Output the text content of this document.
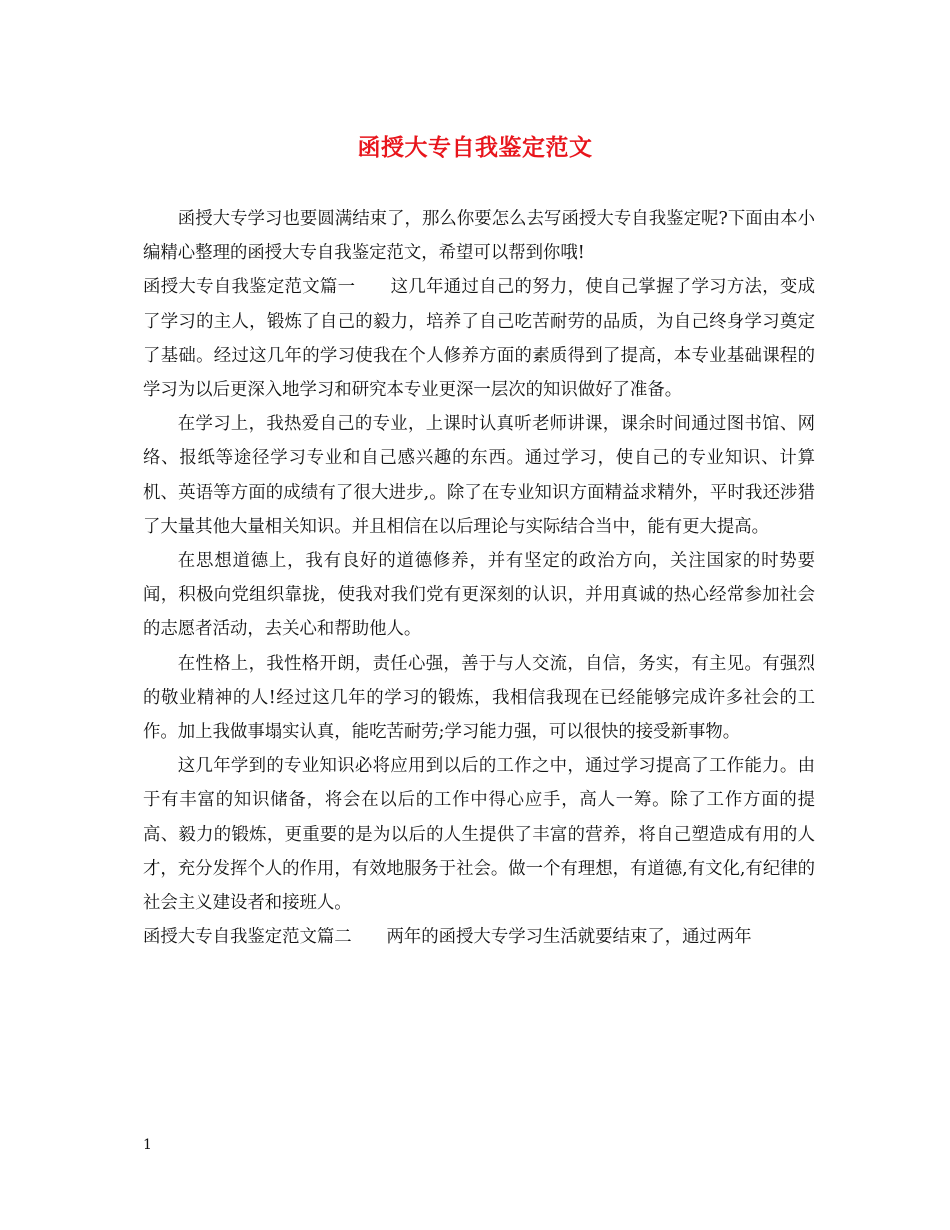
函授大专自我鉴定范文

函授大专学习也要圆满结束了，那么你要怎么去写函授大专自我鉴定呢?下面由本小编精心整理的函授大专自我鉴定范文，希望可以帮到你哦!

函授大专自我鉴定范文篇一　　这几年通过自己的努力，使自己掌握了学习方法，变成了学习的主人，锻炼了自己的毅力，培养了自己吃苦耐劳的品质，为自己终身学习奠定了基础。经过这几年的学习使我在个人修养方面的素质得到了提高，本专业基础课程的学习为以后更深入地学习和研究本专业更深一层次的知识做好了准备。

在学习上，我热爱自己的专业，上课时认真听老师讲课，课余时间通过图书馆、网络、报纸等途径学习专业和自己感兴趣的东西。通过学习，使自己的专业知识、计算机、英语等方面的成绩有了很大进步,。除了在专业知识方面精益求精外，平时我还涉猎了大量其他大量相关知识。并且相信在以后理论与实际结合当中，能有更大提高。

在思想道德上，我有良好的道德修养，并有坚定的政治方向，关注国家的时势要闻，积极向党组织靠拢，使我对我们党有更深刻的认识，并用真诚的热心经常参加社会的志愿者活动，去关心和帮助他人。

在性格上，我性格开朗，责任心强，善于与人交流，自信，务实，有主见。有强烈的敬业精神的人!经过这几年的学习的锻炼，我相信我现在已经能够完成许多社会的工作。加上我做事塌实认真，能吃苦耐劳;学习能力强，可以很快的接受新事物。

这几年学到的专业知识必将应用到以后的工作之中，通过学习提高了工作能力。由于有丰富的知识储备，将会在以后的工作中得心应手，高人一筹。除了工作方面的提高、毅力的锻炼，更重要的是为以后的人生提供了丰富的营养，将自己塑造成有用的人才，充分发挥个人的作用，有效地服务于社会。做一个有理想，有道德,有文化,有纪律的社会主义建设者和接班人。

函授大专自我鉴定范文篇二　　两年的函授大专学习生活就要结束了，通过两年

1
